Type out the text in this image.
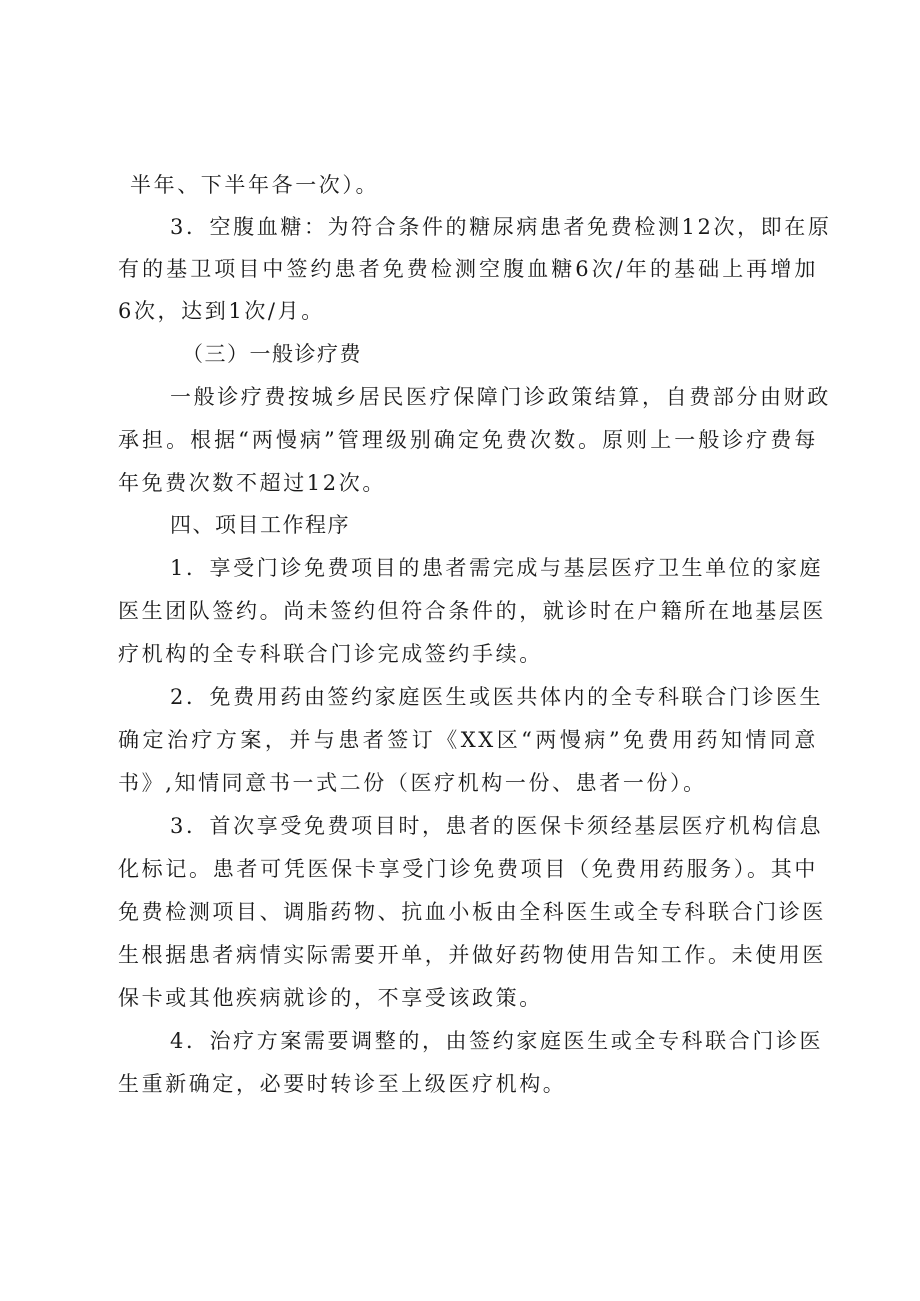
半年、下半年各一次）。
3．空腹血糖：为符合条件的糖尿病患者免费检测12次，即在原
有的基卫项目中签约患者免费检测空腹血糖6次/年的基础上再增加
6次，达到1次/月。
（三）一般诊疗费
一般诊疗费按城乡居民医疗保障门诊政策结算，自费部分由财政
承担。根据“两慢病”管理级别确定免费次数。原则上一般诊疗费每
年免费次数不超过12次。
四、项目工作程序
1．享受门诊免费项目的患者需完成与基层医疗卫生单位的家庭
医生团队签约。尚未签约但符合条件的，就诊时在户籍所在地基层医
疗机构的全专科联合门诊完成签约手续。
2．免费用药由签约家庭医生或医共体内的全专科联合门诊医生
确定治疗方案，并与患者签订《XX区“两慢病”免费用药知情同意
书》,知情同意书一式二份（医疗机构一份、患者一份）。
3．首次享受免费项目时，患者的医保卡须经基层医疗机构信息
化标记。患者可凭医保卡享受门诊免费项目（免费用药服务）。其中
免费检测项目、调脂药物、抗血小板由全科医生或全专科联合门诊医
生根据患者病情实际需要开单，并做好药物使用告知工作。未使用医
保卡或其他疾病就诊的，不享受该政策。
4．治疗方案需要调整的，由签约家庭医生或全专科联合门诊医
生重新确定，必要时转诊至上级医疗机构。
